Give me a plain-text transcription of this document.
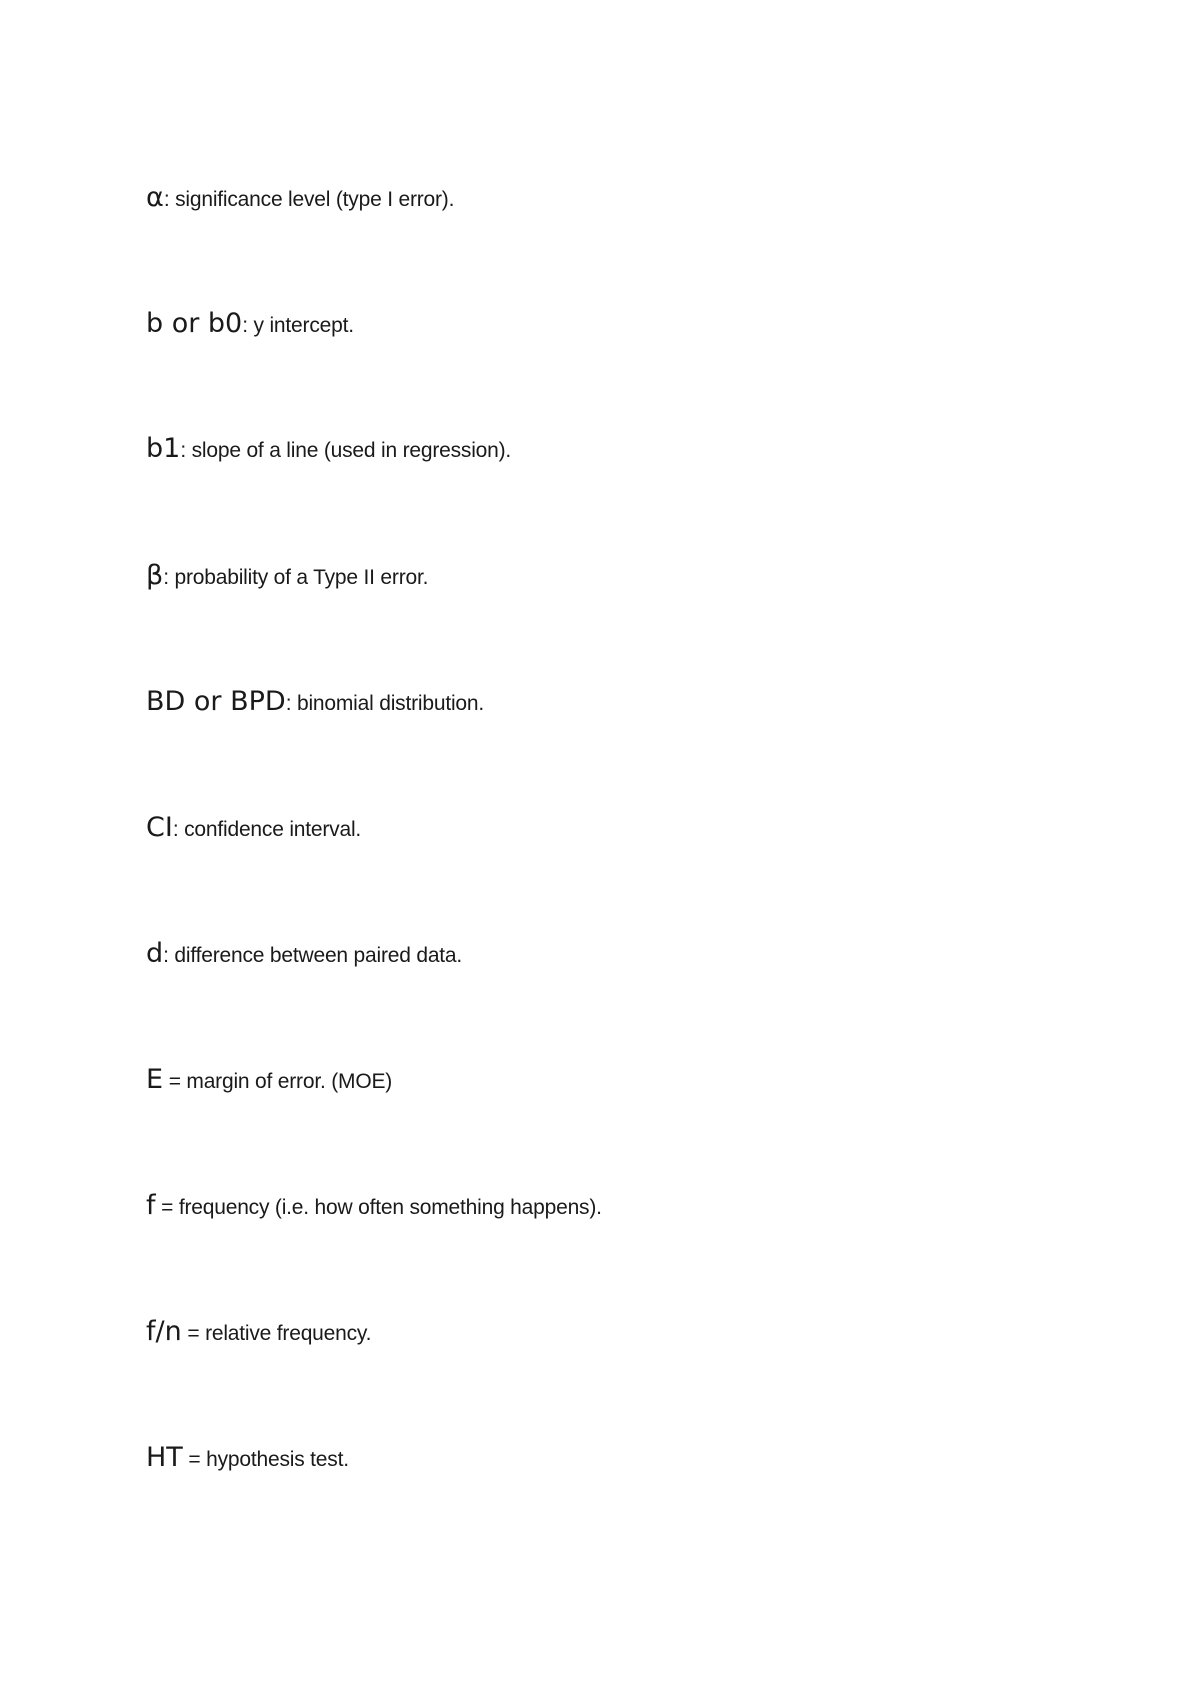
α: significance level (type I error).
b or b0: y intercept.
b1: slope of a line (used in regression).
β: probability of a Type II error.
BD or BPD: binomial distribution.
CI: confidence interval.
d: difference between paired data.
E = margin of error. (MOE)
f = frequency (i.e. how often something happens).
f/n = relative frequency.
HT = hypothesis test.
